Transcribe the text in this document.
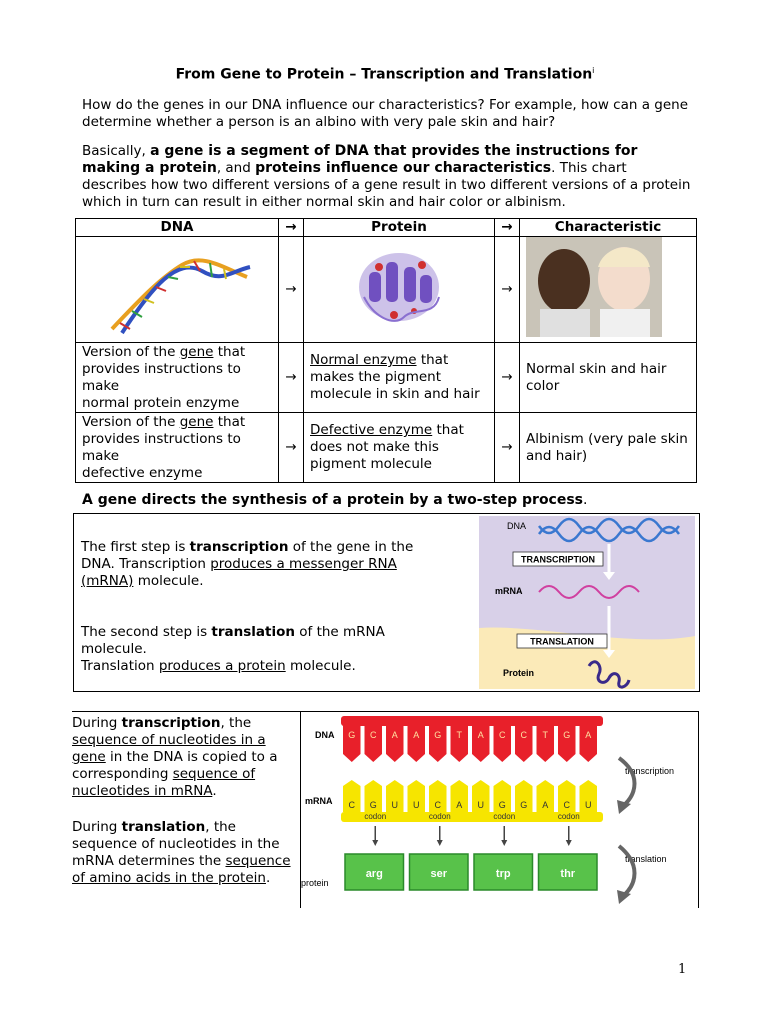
From Gene to Protein – Transcription and Translation$^i$
How do the genes in our DNA influence our characteristics? For example, how can a gene determine whether a person is an albino with very pale skin and hair?
Basically, a gene is a segment of DNA that provides the instructions for making a protein, and proteins influence our characteristics. This chart describes how two different versions of a gene result in two different versions of a protein which in turn can result in either normal skin and hair color or albinism.
DNA	→	Protein	→	Characteristic
	→		→	
Version of the gene that provides instructions to make
normal protein enzyme	→	Normal enzyme that makes the pigment molecule in skin and hair	→	Normal skin and hair color
Version of the gene that provides instructions to make
defective enzyme	→	Defective enzyme that does not make this pigment molecule	→	Albinism (very pale skin and hair)
A gene directs the synthesis of a protein by a two-step process.
The first step is transcription of the gene in the DNA. Transcription produces a messenger RNA (mRNA) molecule.
The second step is translation of the mRNA molecule.
Translation produces a protein molecule.
DNA
TRANSCRIPTION
mRNA
TRANSLATION
Protein
During transcription, the sequence of nucleotides in a gene in the DNA is copied to a corresponding sequence of nucleotides in mRNA.
During translation, the sequence of nucleotides in the mRNA determines the sequence of amino acids in the protein.
DNA
mRNA
protein
transcription
translation
G C A A G T A C C T G A
C G U U C A U G G A C U
codon	codon	codon	codon
arg	ser	trp	thr
1
